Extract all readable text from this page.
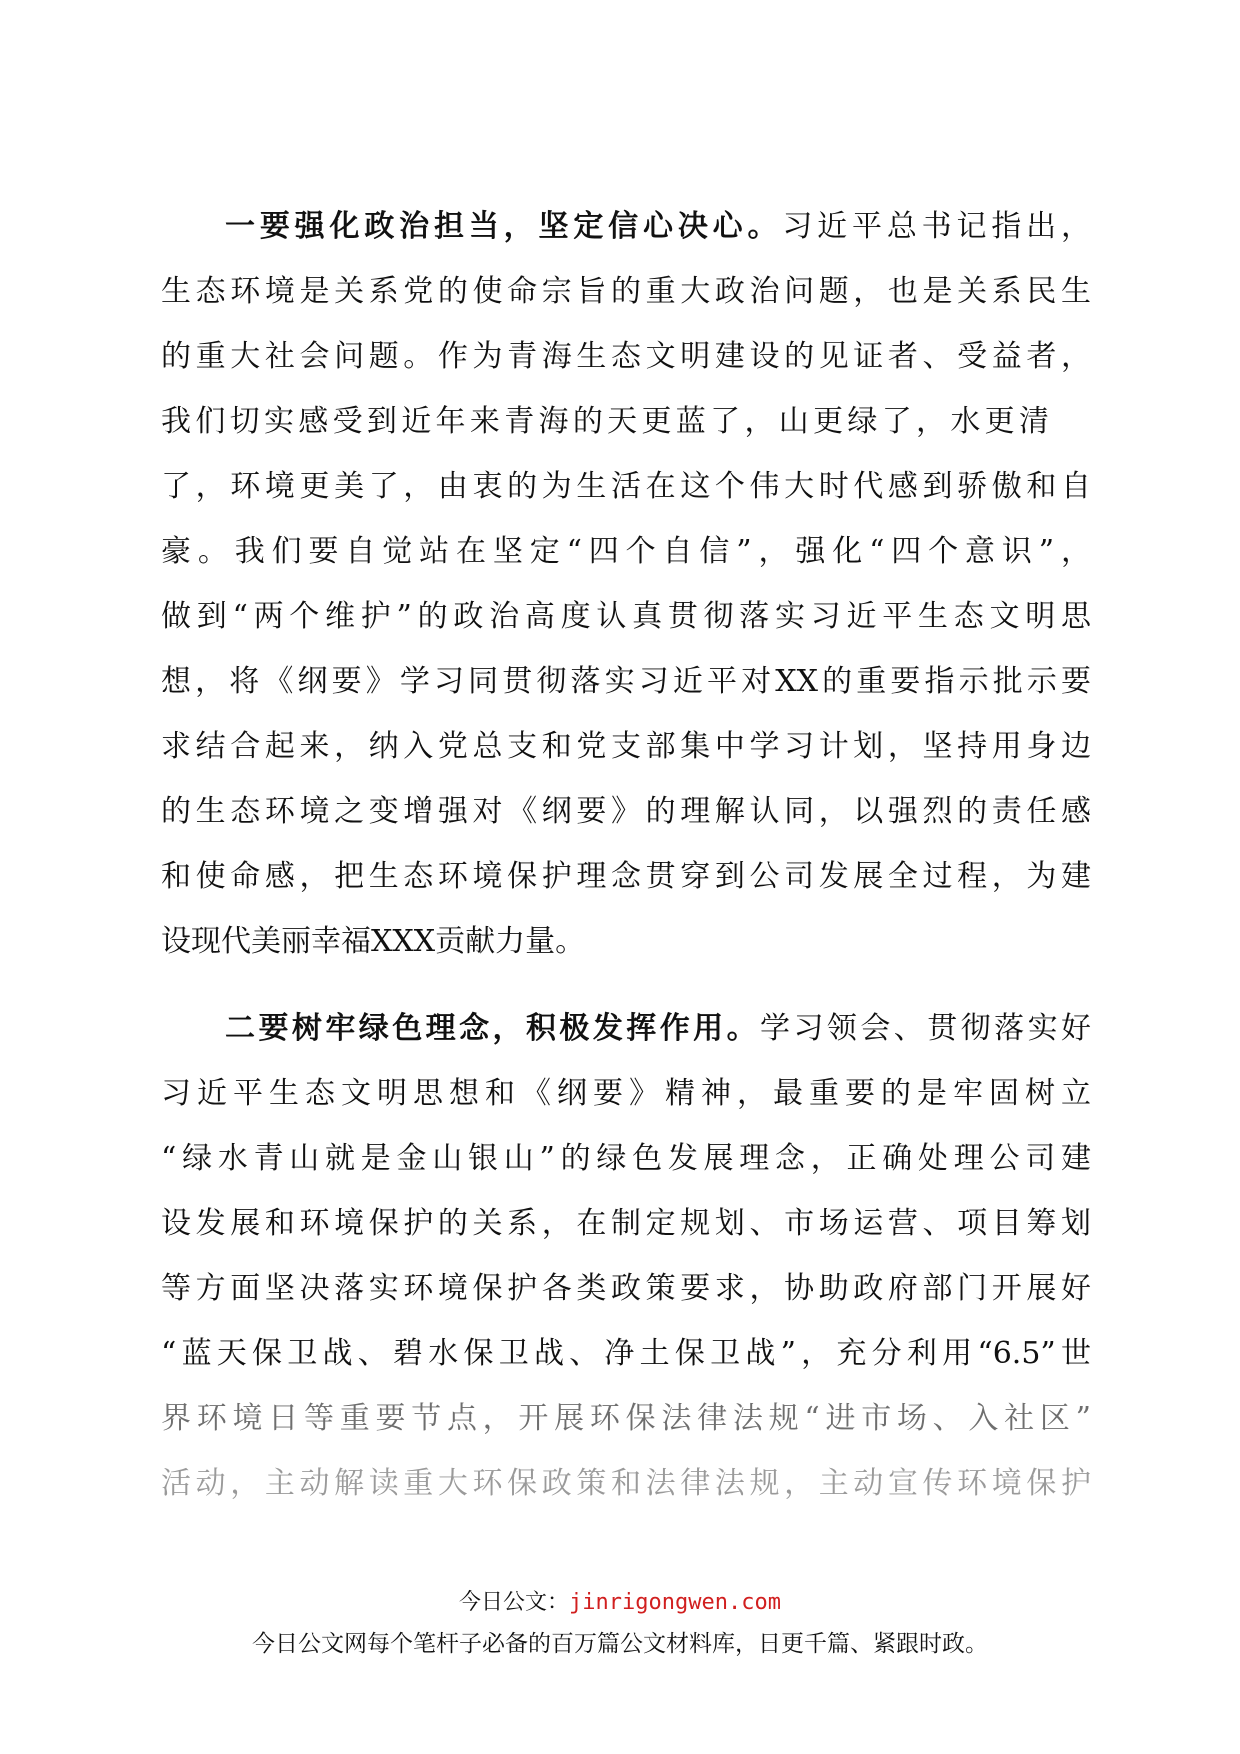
一要强化政治担当，坚定信心决心。习近平总书记指出，
生态环境是关系党的使命宗旨的重大政治问题，也是关系民生
的重大社会问题。作为青海生态文明建设的见证者、受益者，
我们切实感受到近年来青海的天更蓝了，山更绿了，水更清
了，环境更美了，由衷的为生活在这个伟大时代感到骄傲和自
豪。我们要自觉站在坚定“四个自信”，强化“四个意识”，
做到“两个维护”的政治高度认真贯彻落实习近平生态文明思
想，将《纲要》学习同贯彻落实习近平对XX的重要指示批示要
求结合起来，纳入党总支和党支部集中学习计划，坚持用身边
的生态环境之变增强对《纲要》的理解认同，以强烈的责任感
和使命感，把生态环境保护理念贯穿到公司发展全过程，为建
设现代美丽幸福XXX贡献力量。
二要树牢绿色理念，积极发挥作用。学习领会、贯彻落实好
习近平生态文明思想和《纲要》精神，最重要的是牢固树立
“绿水青山就是金山银山”的绿色发展理念，正确处理公司建
设发展和环境保护的关系，在制定规划、市场运营、项目筹划
等方面坚决落实环境保护各类政策要求，协助政府部门开展好
“蓝天保卫战、碧水保卫战、净土保卫战”，充分利用“6.5”世
界环境日等重要节点，开展环保法律法规“进市场、入社区”
活动，主动解读重大环保政策和法律法规，主动宣传环境保护
今日公文：jinrigongwen.com
今日公文网每个笔杆子必备的百万篇公文材料库，日更千篇、紧跟时政。
